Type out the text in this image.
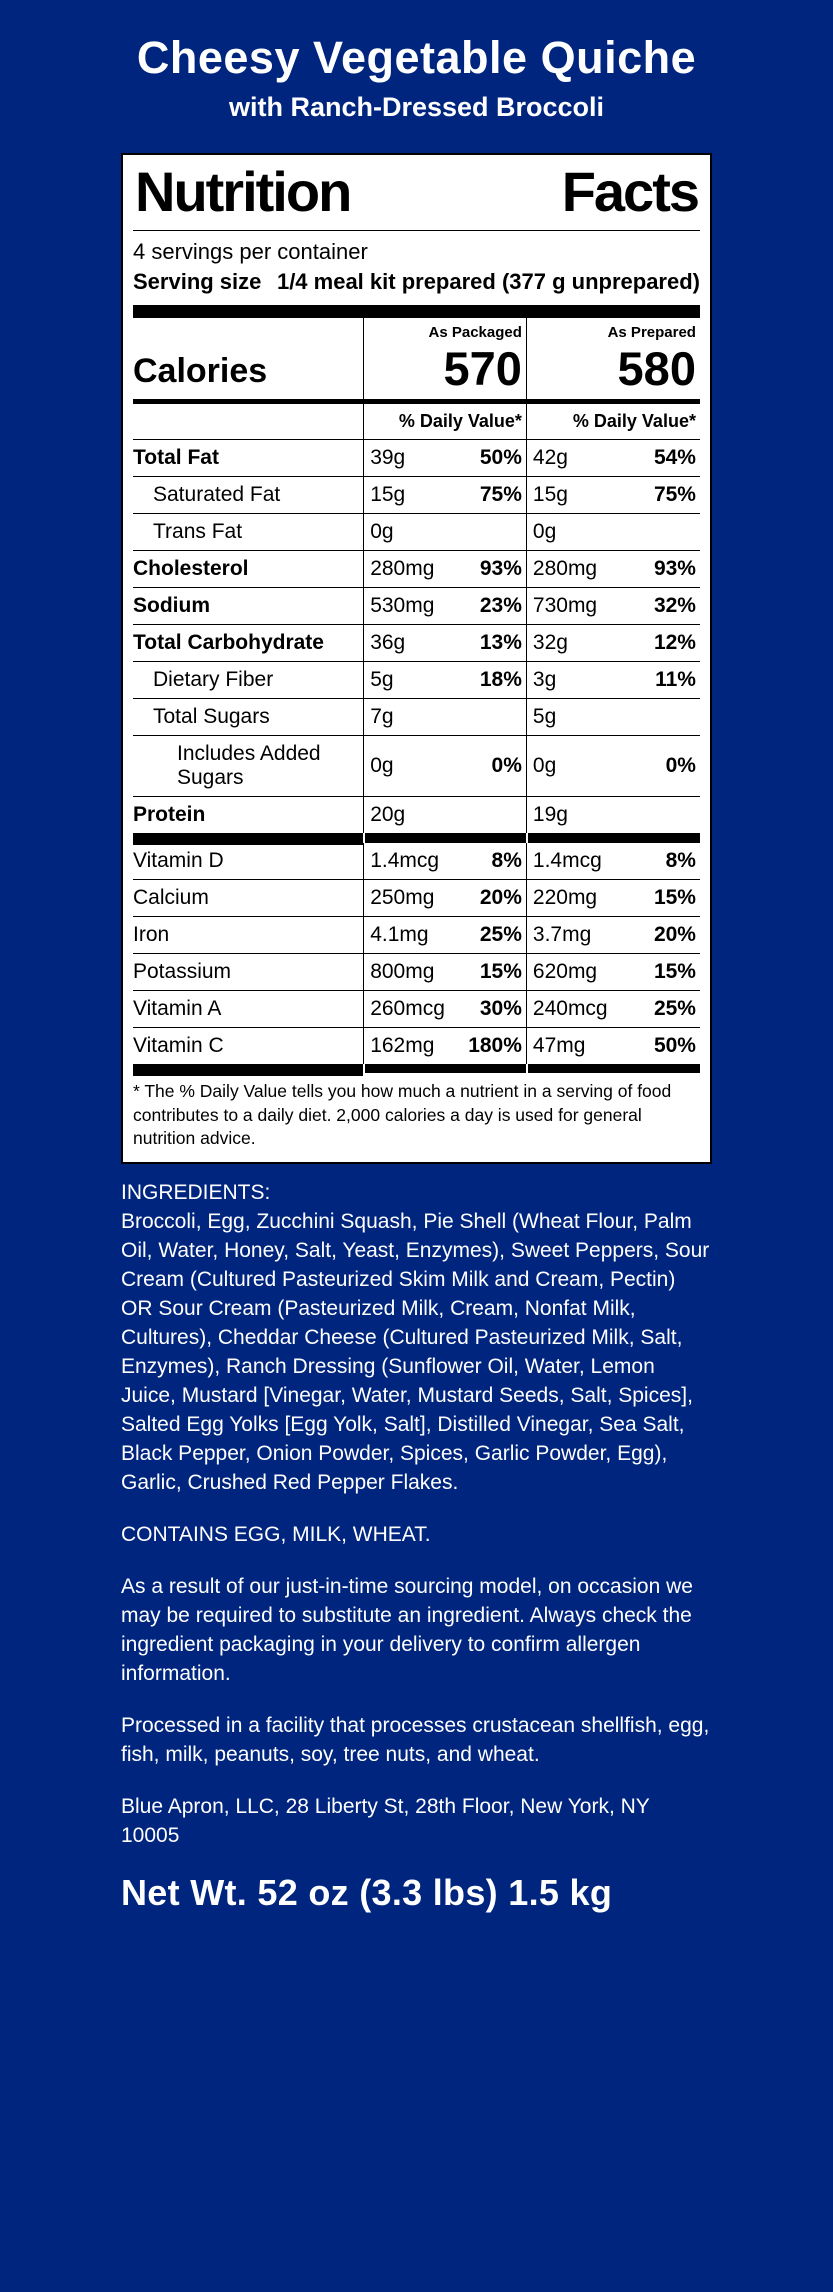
Cheesy Vegetable Quiche
with Ranch-Dressed Broccoli
Nutrition	Facts
4 servings per container
Serving size 1/4 meal kit prepared (377 g unprepared)
As Packaged	As Prepared
Calories	570	580
% Daily Value*	% Daily Value*
Total Fat	39g	50% 42g	54%
Saturated Fat	15g	75% 15g	75%
Trans Fat	0g	0g
Cholesterol	280mg 93% 280mg	93%
Sodium	530mg 23% 730mg	32%
Total Carbohydrate	36g	13% 32g	12%
Dietary Fiber	5g	18% 3g	11%
Total Sugars	7g	5g
Includes Added Sugars
0g	0% 0g	0%
Protein	20g	19g
Vitamin D	1.4mcg 8% 1.4mcg	8%
Calcium	250mg 20% 220mg	15%
Iron	4.1mg 25% 3.7mg	20%
Potassium	800mg 15% 620mg	15%
Vitamin A	260mcg 30% 240mcg 25%
Vitamin C	162mg 180% 47mg	50%
* The % Daily Value tells you how much a nutrient in a serving of food contributes to a daily diet. 2,000 calories a day is used for general nutrition advice.

INGREDIENTS:

Broccoli, Egg, Zucchini Squash, Pie Shell (Wheat Flour, Palm Oil, Water, Honey, Salt, Yeast, Enzymes), Sweet Peppers, Sour Cream (Cultured Pasteurized Skim Milk and Cream, Pectin) OR Sour Cream (Pasteurized Milk, Cream, Nonfat Milk, Cultures), Cheddar Cheese (Cultured Pasteurized Milk, Salt, Enzymes), Ranch Dressing (Sunflower Oil, Water, Lemon Juice, Mustard [Vinegar, Water, Mustard Seeds, Salt, Spices], Salted Egg Yolks [Egg Yolk, Salt], Distilled Vinegar, Sea Salt, Black Pepper, Onion Powder, Spices, Garlic Powder, Egg), Garlic, Crushed Red Pepper Flakes.

CONTAINS EGG, MILK, WHEAT.

As a result of our just-in-time sourcing model, on occasion we may be required to substitute an ingredient. Always check the ingredient packaging in your delivery to confirm allergen information.

Processed in a facility that processes crustacean shellfish, egg, fish, milk, peanuts, soy, tree nuts, and wheat.

Blue Apron, LLC, 28 Liberty St, 28th Floor, New York, NY 10005

Net Wt. 52 oz (3.3 lbs) 1.5 kg
